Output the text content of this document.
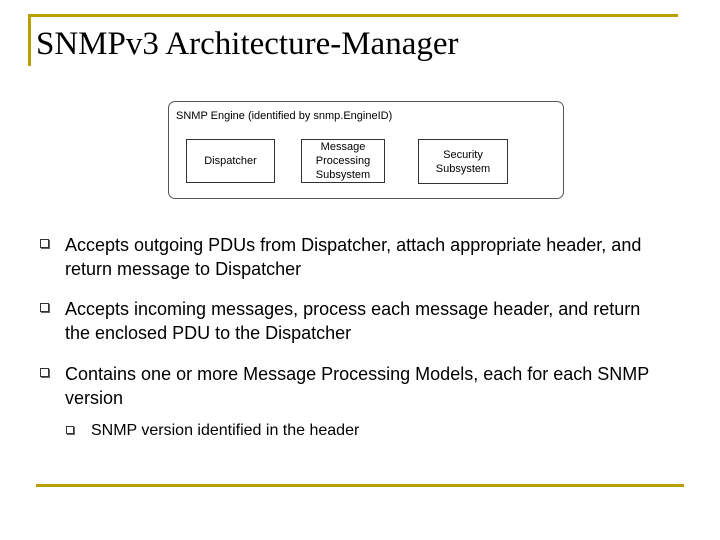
SNMPv3 Architecture-Manager
SNMP Engine (identified by snmp.EngineID)
Dispatcher
Message
Processing
Subsystem
Security
Subsystem
Accepts outgoing PDUs from Dispatcher, attach appropriate header, and return message to Dispatcher
Accepts incoming messages, process each message header, and return the enclosed PDU to the Dispatcher
Contains one or more Message Processing Models, each for each SNMP version
SNMP version identified in the header
